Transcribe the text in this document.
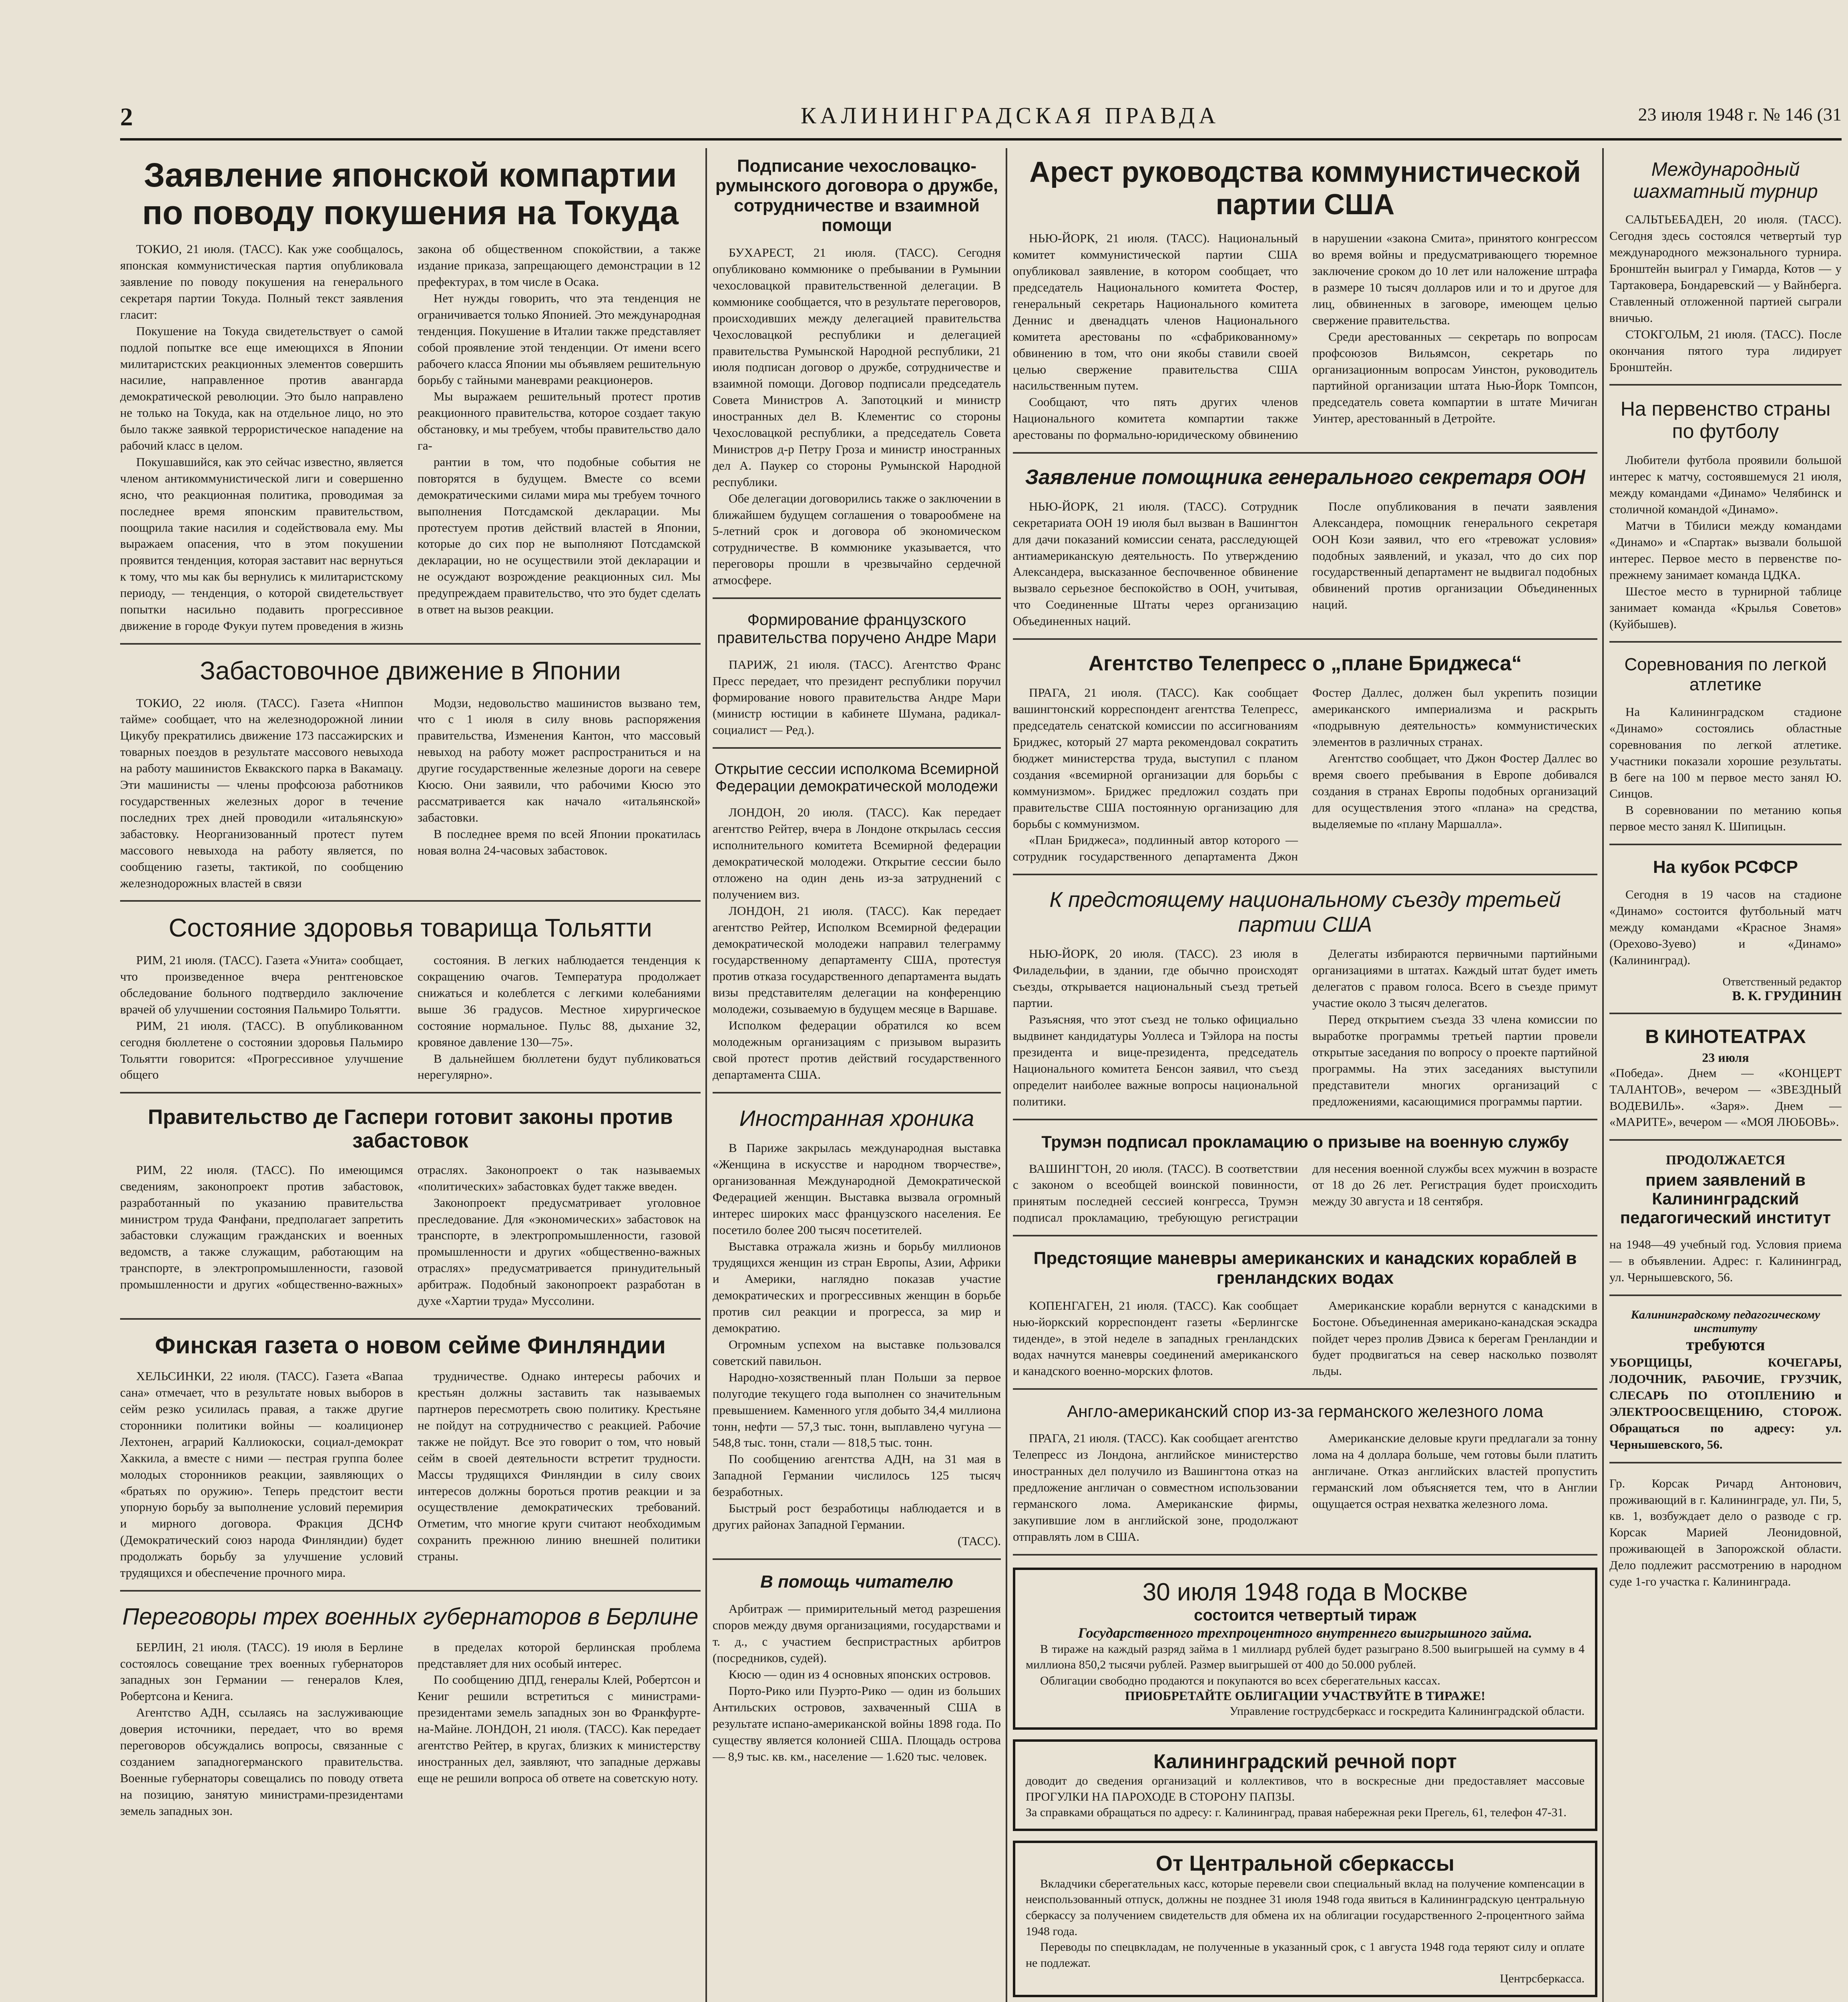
2	КАЛИНИНГРАДСКАЯ ПРАВДА	23 июля 1948 г. № 146 (31
Заявление японской компартии по поводу покушения на Токуда

ТОКИО, 21 июля. (ТАСС). Как уже сообщалось, японская коммунистическая партия опубликовала заявление по поводу покушения на генерального секретаря партии Токуда. Полный текст заявления гласит:

Покушение на Токуда свидетельствует о самой подлой попытке все еще имеющихся в Японии милитаристских реакционных элементов совершить насилие, направленное против авангарда демократической революции. Это было направлено не только на Токуда, как на отдельное лицо, но это было также заявкой террористическое нападение на рабочий класс в целом.

Покушавшийся, как это сейчас известно, является членом антикоммунистической лиги и совершенно ясно, что реакционная политика, проводимая за последнее время японским правительством, поощрила такие насилия и содействовала ему. Мы выражаем опасения, что в этом покушении проявится тенденция, которая заставит нас вернуться к тому, что мы как бы вернулись к милитаристскому периоду, — тенденция, о которой свидетельствует попытки насильно подавить прогрессивное движение в городе Фукуи путем проведения в жизнь закона об общественном спокойствии, а также издание приказа, запрещающего демонстрации в 12 префектурах, в том числе в Осака.

Нет нужды говорить, что эта тенденция не ограничивается только Японией. Это международная тенденция. Покушение в Италии также представляет собой проявление этой тенденции. От имени всего рабочего класса Японии мы объявляем решительную борьбу с тайными маневрами реакционеров.

Мы выражаем решительный протест против реакционного правительства, которое создает такую обстановку, и мы требуем, чтобы правительство дало га-

рантии в том, что подобные события не повторятся в будущем. Вместе со всеми демократическими силами мира мы требуем точного выполнения Потсдамской декларации. Мы протестуем против действий властей в Японии, которые до сих пор не выполняют Потсдамской декларации, но не осуществили этой декларации и не осуждают возрождение реакционных сил. Мы предупреждаем правительство, что это будет сделать в ответ на вызов реакции.

Забастовочное движение в Японии

ТОКИО, 22 июля. (ТАСС). Газета «Ниппон тайме» сообщает, что на железнодорожной линии Цикубу прекратились движение 173 пассажирских и товарных поездов в результате массового невыхода на работу машинистов Еквакского парка в Вакамацу. Эти машинисты — члены профсоюза работников государственных железных дорог в течение последних трех дней проводили «итальянскую» забастовку. Неорганизованный протест путем массового невыхода на работу является, по сообщению газеты, тактикой, по сообщению железнодорожных властей в связи

Модзи, недовольство машинистов вызвано тем, что с 1 июля в силу вновь распоряжения правительства, Изменения Кантон, что массовый невыход на работу может распространиться и на другие государственные железные дороги на севере Кюсю. Они заявили, что рабочими Кюсю это рассматривается как начало «итальянской» забастовки.

В последнее время по всей Японии прокатилась новая волна 24-часовых забастовок.

Состояние здоровья товарища Тольятти

РИМ, 21 июля. (ТАСС). Газета «Унита» сообщает, что произведенное вчера рентгеновское обследование больного подтвердило заключение врачей об улучшении состояния Пальмиро Тольятти.

РИМ, 21 июля. (ТАСС). В опубликованном сегодня бюллетене о состоянии здоровья Пальмиро Тольятти говорится: «Прогрессивное улучшение общего

состояния. В легких наблюдается тенденция к сокращению очагов. Температура продолжает снижаться и колеблется с легкими колебаниями выше 36 градусов. Местное хирургическое состояние нормальное. Пульс 88, дыхание 32, кровяное давление 130—75».

В дальнейшем бюллетени будут публиковаться нерегулярно».

Правительство де Гаспери готовит законы против забастовок

РИМ, 22 июля. (ТАСС). По имеющимся сведениям, законопроект против забастовок, разработанный по указанию правительства министром труда Фанфани, предполагает запретить забастовки служащим гражданских и военных ведомств, а также служащим, работающим на транспорте, в электропромышленности, газовой промышленности и других «общественно-важных» отраслях. Законопроект о так называемых «политических» забастовках будет также введен.

Законопроект предусматривает уголовное преследование. Для «экономических» забастовок на транспорте, в электропромышленности, газовой промышленности и других «общественно-важных отраслях» предусматривается принудительный арбитраж. Подобный законопроект разработан в духе «Хартии труда» Муссолини.

Финская газета о новом сейме Финляндии

ХЕЛЬСИНКИ, 22 июля. (ТАСС). Газета «Вапаа сана» отмечает, что в результате новых выборов в сейм резко усилилась правая, а также другие сторонники политики войны — коалиционер Лехтонен, аграрий Каллиокоски, социал-демократ Хаккила, а вместе с ними — пестрая группа более молодых сторонников реакции, заявляющих о «братьях по оружию». Теперь предстоит вести упорную борьбу за выполнение условий перемирия и мирного договора. Фракция ДСНФ (Демократический союз народа Финляндии) будет продолжать борьбу за улучшение условий трудящихся и обеспечение прочного мира.

трудничестве. Однако интересы рабочих и крестьян должны заставить так называемых партнеров пересмотреть свою политику. Крестьяне не пойдут на сотрудничество с реакцией. Рабочие также не пойдут. Все это говорит о том, что новый сейм в своей деятельности встретит трудности. Массы трудящихся Финляндии в силу своих интересов должны бороться против реакции и за осуществление демократических требований. Отметим, что многие круги считают необходимым сохранить прежнюю линию внешней политики страны.

Переговоры трех военных губернаторов в Берлине

БЕРЛИН, 21 июля. (ТАСС). 19 июля в Берлине состоялось совещание трех военных губернаторов западных зон Германии — генералов Клея, Робертсона и Кенига.

Агентство АДН, ссылаясь на заслуживающие доверия источники, передает, что во время переговоров обсуждались вопросы, связанные с созданием западногерманского правительства. Военные губернаторы совещались по поводу ответа на позицию, занятую министрами-президентами земель западных зон.

в пределах которой берлинская проблема представляет для них особый интерес.

По сообщению ДПД, генералы Клей, Робертсон и Кениг решили встретиться с министрами-президентами земель западных зон во Франкфурте-на-Майне. ЛОНДОН, 21 июля. (ТАСС). Как передает агентство Рейтер, в кругах, близких к министерству иностранных дел, заявляют, что западные державы еще не решили вопроса об ответе на советскую ноту.

Подписание чехословацко-румынского договора о дружбе, сотрудничестве и взаимной помощи

БУХАРЕСТ, 21 июля. (ТАСС). Сегодня опубликовано коммюнике о пребывании в Румынии чехословацкой правительственной делегации. В коммюнике сообщается, что в результате переговоров, происходивших между делегацией правительства Чехословацкой республики и делегацией правительства Румынской Народной республики, 21 июля подписан договор о дружбе, сотрудничестве и взаимной помощи. Договор подписали председатель Совета Министров А. Запотоцкий и министр иностранных дел В. Клементис со стороны Чехословацкой республики, а председатель Совета Министров д-р Петру Гроза и министр иностранных дел А. Паукер со стороны Румынской Народной республики.

Обе делегации договорились также о заключении в ближайшем будущем соглашения о товарообмене на 5-летний срок и договора об экономическом сотрудничестве. В коммюнике указывается, что переговоры прошли в чрезвычайно сердечной атмосфере.

Формирование французского правительства поручено Андре Мари

ПАРИЖ, 21 июля. (ТАСС). Агентство Франс Пресс передает, что президент республики поручил формирование нового правительства Андре Мари (министр юстиции в кабинете Шумана, радикал-социалист — Ред.).

Открытие сессии исполкома Всемирной Федерации демократической молодежи

ЛОНДОН, 20 июля. (ТАСС). Как передает агентство Рейтер, вчера в Лондоне открылась сессия исполнительного комитета Всемирной федерации демократической молодежи. Открытие сессии было отложено на один день из-за затруднений с получением виз.

ЛОНДОН, 21 июля. (ТАСС). Как передает агентство Рейтер, Исполком Всемирной федерации демократической молодежи направил телеграмму государственному департаменту США, протестуя против отказа государственного департамента выдать визы представителям делегации на конференцию молодежи, созываемую в будущем месяце в Варшаве.

Исполком федерации обратился ко всем молодежным организациям с призывом выразить свой протест против действий государственного департамента США.

Иностранная хроника

В Париже закрылась международная выставка «Женщина в искусстве и народном творчестве», организованная Международной Демократической Федерацией женщин. Выставка вызвала огромный интерес широких масс французского населения. Ее посетило более 200 тысяч посетителей.

Выставка отражала жизнь и борьбу миллионов трудящихся женщин из стран Европы, Азии, Африки и Америки, наглядно показав участие демократических и прогрессивных женщин в борьбе против сил реакции и прогресса, за мир и демократию.

Огромным успехом на выставке пользовался советский павильон.

Народно-хозяственный план Польши за первое полугодие текущего года выполнен со значительным превышением. Каменного угля добыто 34,4 миллиона тонн, нефти — 57,3 тыс. тонн, выплавлено чугуна — 548,8 тыс. тонн, стали — 818,5 тыс. тонн.

По сообщению агентства АДН, на 31 мая в Западной Германии числилось 125 тысяч безработных.

Быстрый рост безработицы наблюдается и в других районах Западной Германии.

(ТАСС).

В помощь читателю

Арбитраж — примирительный метод разрешения споров между двумя организациями, государствами и т. д., с участием беспристрастных арбитров (посредников, судей).

Кюсю — один из 4 основных японских островов.

Порто-Рико или Пуэрто-Рико — один из больших Антильских островов, захваченный США в результате испано-американской войны 1898 года. По существу является колонией США. Площадь острова — 8,9 тыс. кв. км., население — 1.620 тыс. человек.

Арест руководства коммунистической партии США

НЬЮ-ЙОРК, 21 июля. (ТАСС). Национальный комитет коммунистической партии США опубликовал заявление, в котором сообщает, что председатель Национального комитета Фостер, генеральный секретарь Национального комитета Деннис и двенадцать членов Национального комитета арестованы по «сфабрикованному» обвинению в том, что они якобы ставили своей целью свержение правительства США насильственным путем.

Сообщают, что пять других членов Национального комитета компартии также арестованы по формально-юридическому обвинению в нарушении «закона Смита», принятого конгрессом во время войны и предусматривающего тюремное заключение сроком до 10 лет или наложение штрафа в размере 10 тысяч долларов или и то и другое для лиц, обвиненных в заговоре, имеющем целью свержение правительства.

Среди арестованных — секретарь по вопросам профсоюзов Вильямсон, секретарь по организационным вопросам Уинстон, руководитель партийной организации штата Нью-Йорк Томпсон, председатель совета компартии в штате Мичиган Уинтер, арестованный в Детройте.

Заявление помощника генерального секретаря ООН

НЬЮ-ЙОРК, 21 июля. (ТАСС). Сотрудник секретариата ООН 19 июля был вызван в Вашингтон для дачи показаний комиссии сената, расследующей антиамериканскую деятельность. По утверждению Александера, высказанное беспочвенное обвинение вызвало серьезное беспокойство в ООН, учитывая, что Соединенные Штаты через организацию Объединенных наций.

После опубликования в печати заявления Александера, помощник генерального секретаря ООН Кози заявил, что его «тревожат условия» подобных заявлений, и указал, что до сих пор государственный департамент не выдвигал подобных обвинений против организации Объединенных наций.

Агентство Телепресс о „плане Бриджеса“

ПРАГА, 21 июля. (ТАСС). Как сообщает вашингтонский корреспондент агентства Телепресс, председатель сенатской комиссии по ассигнованиям Бриджес, который 27 марта рекомендовал сократить бюджет министерства труда, выступил с планом создания «всемирной организации для борьбы с коммунизмом». Бриджес предложил создать при правительстве США постоянную организацию для борьбы с коммунизмом.

«План Бриджеса», подлинный автор которого — сотрудник государственного департамента Джон Фостер Даллес, должен был укрепить позиции американского империализма и раскрыть «подрывную деятельность» коммунистических элементов в различных странах.

Агентство сообщает, что Джон Фостер Даллес во время своего пребывания в Европе добивался создания в странах Европы подобных организаций для осуществления этого «плана» на средства, выделяемые по «плану Маршалла».

К предстоящему национальному съезду третьей партии США

НЬЮ-ЙОРК, 20 июля. (ТАСС). 23 июля в Филадельфии, в здании, где обычно происходят съезды, открывается национальный съезд третьей партии.

Разъясняя, что этот съезд не только официально выдвинет кандидатуры Уоллеса и Тэйлора на посты президента и вице-президента, председатель Национального комитета Бенсон заявил, что съезд определит наиболее важные вопросы национальной политики.

Делегаты избираются первичными партийными организациями в штатах. Каждый штат будет иметь делегатов с правом голоса. Всего в съезде примут участие около 3 тысяч делегатов.

Перед открытием съезда 33 члена комиссии по выработке программы третьей партии провели открытые заседания по вопросу о проекте партийной программы. На этих заседаниях выступили представители многих организаций с предложениями, касающимися программы партии.

Трумэн подписал прокламацию о призыве на военную службу

ВАШИНГТОН, 20 июля. (ТАСС). В соответствии с законом о всеобщей воинской повинности, принятым последней сессией конгресса, Трумэн подписал прокламацию, требующую регистрации для несения военной службы всех мужчин в возрасте от 18 до 26 лет. Регистрация будет происходить между 30 августа и 18 сентября.

Предстоящие маневры американских и канадских кораблей в гренландских водах

КОПЕНГАГЕН, 21 июля. (ТАСС). Как сообщает нью-йоркский корреспондент газеты «Берлингске тиденде», в этой неделе в западных гренландских водах начнутся маневры соединений американского и канадского военно-морских флотов.

Американские корабли вернутся с канадскими в Бостоне. Объединенная американо-канадская эскадра пойдет через пролив Дэвиса к берегам Гренландии и будет продвигаться на север насколько позволят льды.

Англо-американский спор из-за германского железного лома

ПРАГА, 21 июля. (ТАСС). Как сообщает агентство Телепресс из Лондона, английское министерство иностранных дел получило из Вашингтона отказ на предложение англичан о совместном использовании германского лома. Американские фирмы, закупившие лом в английской зоне, продолжают отправлять лом в США.

Американские деловые круги предлагали за тонну лома на 4 доллара больше, чем готовы были платить англичане. Отказ английских властей пропустить германский лом объясняется тем, что в Англии ощущается острая нехватка железного лома.

30 июля 1948 года в Москве
состоится четвертый тираж
Государственного трехпроцентного внутреннего выигрышного займа.

В тираже на каждый разряд займа в 1 миллиард рублей будет разыграно 8.500 выигрышей на сумму в 4 миллиона 850,2 тысячи рублей. Размер выигрышей от 400 до 50.000 рублей.

Облигации свободно продаются и покупаются во всех сберегательных кассах.

ПРИОБРЕТАЙТЕ ОБЛИГАЦИИ УЧАСТВУЙТЕ В ТИРАЖЕ!
Управление гострудсберкасс и госкредита Калининградской области.
Калининградский речной порт
доводит до сведения организаций и коллективов, что в воскресные дни предоставляет массовые ПРОГУЛКИ НА ПАРОХОДЕ В СТОРОНУ ПАПЗЫ.
За справками обращаться по адресу: г. Калининград, правая набережная реки Прегель, 61, телефон 47-31.
От Центральной сберкассы

Вкладчики сберегательных касс, которые перевели свои специальный вклад на получение компенсации в неиспользованный отпуск, должны не позднее 31 июля 1948 года явиться в Калининградскую центральную сберкассу за получением свидетельств для обмена их на облигации государственного 2-процентного займа 1948 года.

Переводы по спецвкладам, не полученные в указанный срок, с 1 августа 1948 года теряют силу и оплате не подлежат.

Центрсберкасса.
Международный шахматный турнир

САЛЬТЬЕБАДЕН, 20 июля. (ТАСС). Сегодня здесь состоялся четвертый тур международного межзонального турнира. Бронштейн выиграл у Гимарда, Котов — у Тартаковера, Бондаревский — у Вайнберга. Ставленный отложенной партией сыграли вничью.

СТОКГОЛЬМ, 21 июля. (ТАСС). После окончания пятого тура лидирует Бронштейн.

На первенство страны по футболу

Любители футбола проявили большой интерес к матчу, состоявшемуся 21 июля, между командами «Динамо» Челябинск и столичной командой «Динамо».

Матчи в Тбилиси между командами «Динамо» и «Спартак» вызвали большой интерес. Первое место в первенстве по-прежнему занимает команда ЦДКА.

Шестое место в турнирной таблице занимает команда «Крылья Советов» (Куйбышев).

Соревнования по легкой атлетике

На Калининградском стадионе «Динамо» состоялись областные соревнования по легкой атлетике. Участники показали хорошие результаты. В беге на 100 м первое место занял Ю. Синцов.

В соревновании по метанию копья первое место занял К. Шипицын.

На кубок РСФСР

Сегодня в 19 часов на стадионе «Динамо» состоится футбольный матч между командами «Красное Знамя» (Орехово-Зуево) и «Динамо» (Калининград).

Ответственный редактор
В. К. ГРУДИНИН
В КИНОТЕАТРАХ
23 июля
«Победа». Днем — «КОНЦЕРТ ТАЛАНТОВ», вечером — «ЗВЕЗДНЫЙ ВОДЕВИЛЬ». «Заря». Днем — «МАРИТЕ», вечером — «МОЯ ЛЮБОВЬ».
ПРОДОЛЖАЕТСЯ
прием заявлений в Калининградский педагогический институт
на 1948—49 учебный год. Условия приема — в объявлении. Адрес: г. Калининград, ул. Чернышевского, 56.
Калининградскому педагогическому институту
требуются
УБОРЩИЦЫ, КОЧЕГАРЫ, ЛОДОЧНИК, РАБОЧИЕ, ГРУЗЧИК, СЛЕСАРЬ ПО ОТОПЛЕНИЮ и ЭЛЕКТРООСВЕЩЕНИЮ, СТОРОЖ. Обращаться по адресу: ул. Чернышевского, 56.
Гр. Корсак Ричард Антонович, проживающий в г. Калининграде, ул. Пи, 5, кв. 1, возбуждает дело о разводе с гр. Корсак Марией Леонидовной, проживающей в Запорожской области. Дело подлежит рассмотрению в народном суде 1-го участка г. Калининграда.
